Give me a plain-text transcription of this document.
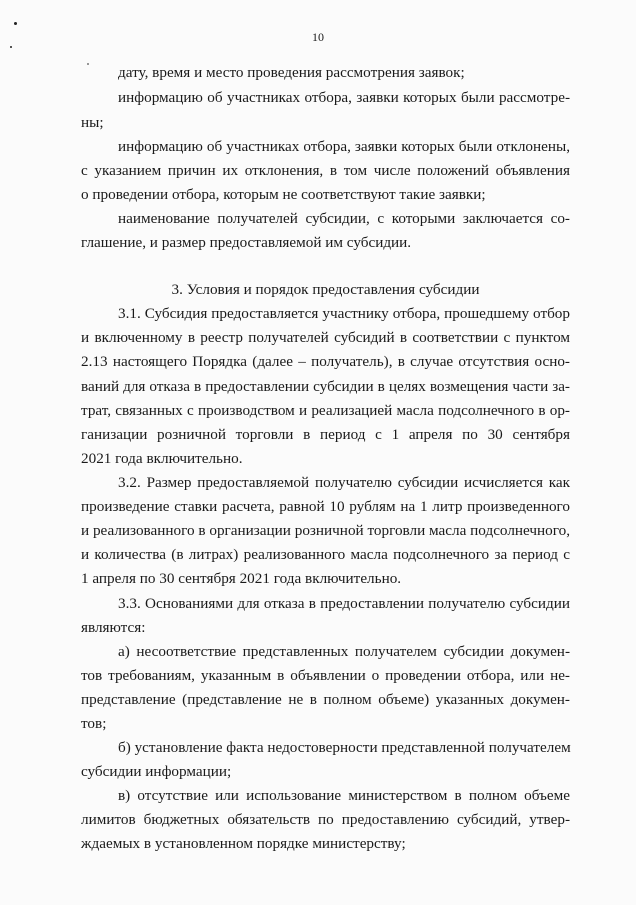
10
дату, время и место проведения рассмотрения заявок;
информацию об участниках отбора, заявки которых были рассмотре-
ны;
информацию об участниках отбора, заявки которых были отклонены,
с указанием причин их отклонения, в том числе положений объявления
о проведении отбора, которым не соответствуют такие заявки;
наименование получателей субсидии, с которыми заключается со-
глашение, и размер предоставляемой им субсидии.
3. Условия и порядок предоставления субсидии
3.1. Субсидия предоставляется участнику отбора, прошедшему отбор
и включенному в реестр получателей субсидий в соответствии с пунктом
2.13 настоящего Порядка (далее – получатель), в случае отсутствия осно-
ваний для отказа в предоставлении субсидии в целях возмещения части за-
трат, связанных с производством и реализацией масла подсолнечного в ор-
ганизации розничной торговли в период с 1 апреля по 30 сентября
2021 года включительно.
3.2. Размер предоставляемой получателю субсидии исчисляется как
произведение ставки расчета, равной 10 рублям на 1 литр произведенного
и реализованного в организации розничной торговли масла подсолнечного,
и количества (в литрах) реализованного масла подсолнечного за период с
1 апреля по 30 сентября 2021 года включительно.
3.3. Основаниями для отказа в предоставлении получателю субсидии
являются:
а) несоответствие представленных получателем субсидии докумен-
тов требованиям, указанным в объявлении о проведении отбора, или не-
представление (представление не в полном объеме) указанных докумен-
тов;
б) установление факта недостоверности представленной получателем
субсидии информации;
в) отсутствие или использование министерством в полном объеме
лимитов бюджетных обязательств по предоставлению субсидий, утвер-
ждаемых в установленном порядке министерству;
